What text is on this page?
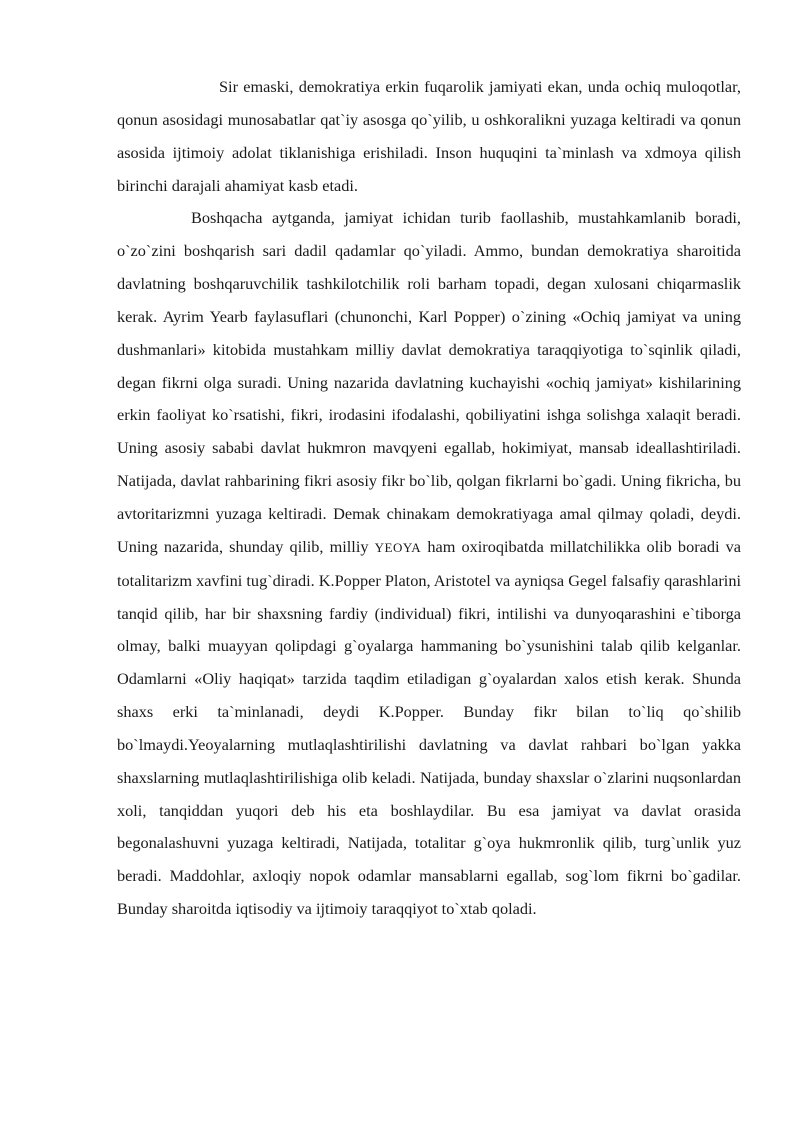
Sir emaski, demokratiya erkin fuqarolik jamiyati ekan, unda ochiq muloqotlar, qonun asosidagi munosabatlar qat`iy asosga qo`yilib, u oshkoralikni yuzaga keltiradi va qonun asosida ijtimoiy adolat tiklanishiga erishiladi. Inson huquqini ta`minlash va xdmoya qilish birinchi darajali ahamiyat kasb etadi.

Boshqacha aytganda, jamiyat ichidan turib faollashib, mustahkamlanib boradi, o`zo`zini boshqarish sari dadil qadamlar qo`yiladi. Ammo, bundan demokratiya sharoitida davlatning boshqaruvchilik tashkilotchilik roli barham topadi, degan xulosani chiqarmaslik kerak. Ayrim Yearb faylasuflari (chunonchi, Karl Popper) o`zining «Ochiq jamiyat va uning dushmanlari» kitobida mustahkam milliy davlat demokratiya taraqqiyotiga to`sqinlik qiladi, degan fikrni olga suradi. Uning nazarida davlatning kuchayishi «ochiq jamiyat» kishilarining erkin faoliyat ko`rsatishi, fikri, irodasini ifodalashi, qobiliyatini ishga solishga xalaqit beradi. Uning asosiy sababi davlat hukmron mavqyeni egallab, hokimiyat, mansab ideallashtiriladi. Natijada, davlat rahbarining fikri asosiy fikr bo`lib, qolgan fikrlarni bo`gadi. Uning fikricha, bu avtoritarizmni yuzaga keltiradi. Demak chinakam demokratiyaga amal qilmay qoladi, deydi. Uning nazarida, shunday qilib, milliy YEOYA ham oxiroqibatda millatchilikka olib boradi va totalitarizm xavfini tug`diradi. K.Popper Platon, Aristotel va ayniqsa Gegel falsafiy qarashlarini tanqid qilib, har bir shaxsning fardiy (individual) fikri, intilishi va dunyoqarashini e`tiborga olmay, balki muayyan qolipdagi g`oyalarga hammaning bo`ysunishini talab qilib kelganlar. Odamlarni «Oliy haqiqat» tarzida taqdim etiladigan g`oyalardan xalos etish kerak. Shunda shaxs erki ta`minlanadi, deydi K.Popper. Bunday fikr bilan to`liq qo`shilib bo`lmaydi.Yeoyalarning mutlaqlashtirilishi davlatning va davlat rahbari bo`lgan yakka shaxslarning mutlaqlashtirilishiga olib keladi. Natijada, bunday shaxslar o`zlarini nuqsonlardan xoli, tanqiddan yuqori deb his eta boshlaydilar. Bu esa jamiyat va davlat orasida begonalashuvni yuzaga keltiradi, Natijada, totalitar g`oya hukmronlik qilib, turg`unlik yuz beradi. Maddohlar, axloqiy nopok odamlar mansablarni egallab, sog`lom fikrni bo`gadilar. Bunday sharoitda iqtisodiy va ijtimoiy taraqqiyot to`xtab qoladi.
